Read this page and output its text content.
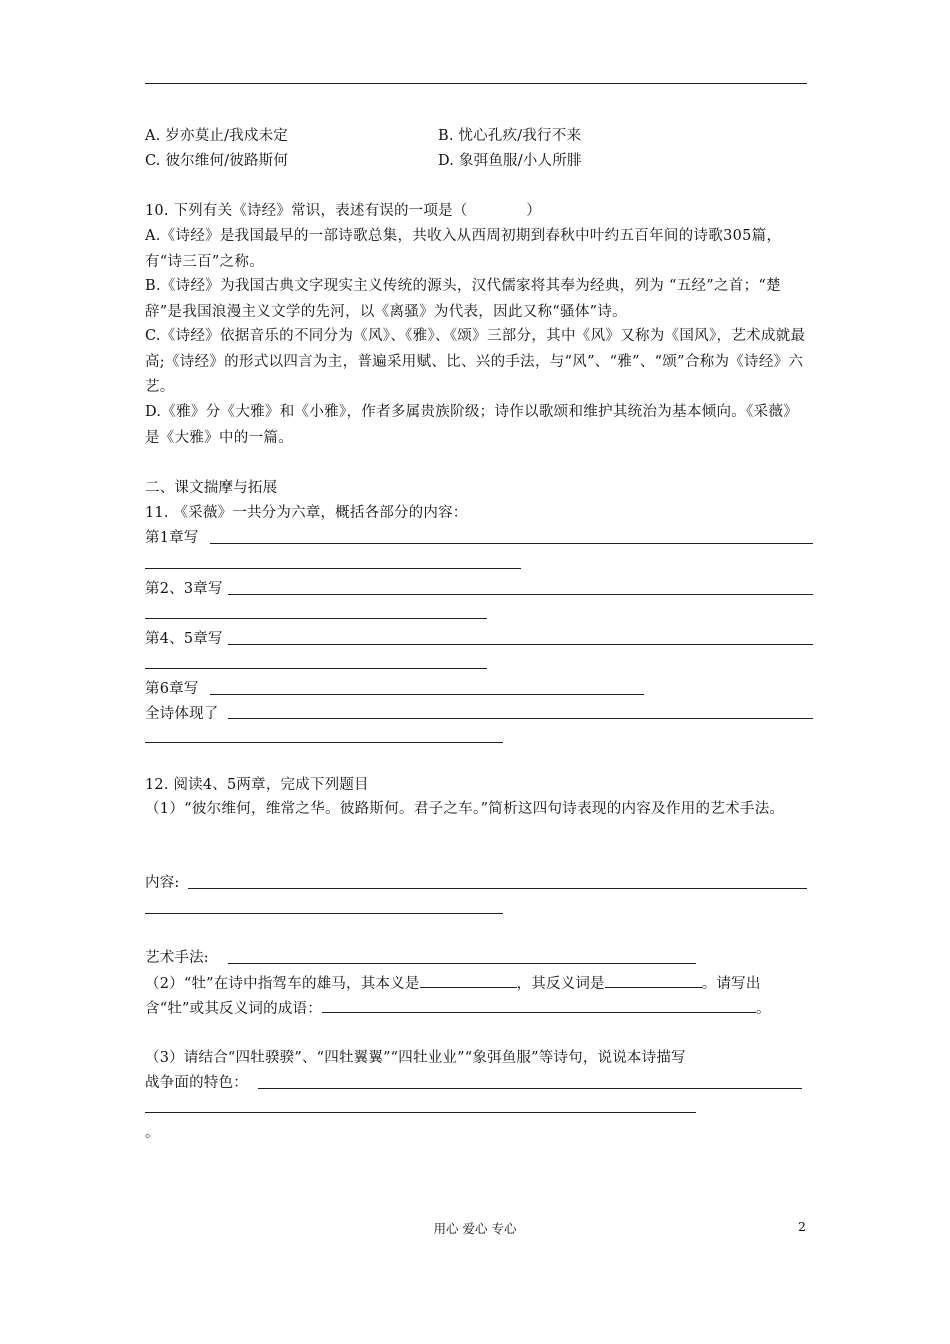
A. 岁亦莫止/我戍未定	B. 忧心孔疚/我行不来
C. 彼尔维何/彼路斯何	D. 象弭鱼服/小人所腓
10. 下列有关《诗经》常识，表述有误的一项是（　　　　）
A.《诗经》是我国最早的一部诗歌总集，共收入从西周初期到春秋中叶约五百年间的诗歌305篇，有“诗三百”之称。
B.《诗经》为我国古典文字现实主义传统的源头，汉代儒家将其奉为经典，列为 “五经”之首；“楚辞”是我国浪漫主义文学的先河，以《离骚》为代表，因此又称“骚体”诗。
C.《诗经》依据音乐的不同分为《风》、《雅》、《颂》三部分，其中《风》又称为《国风》，艺术成就最高;《诗经》的形式以四言为主，普遍采用赋、比、兴的手法，与“风”、“雅”、“颂”合称为《诗经》六艺。
D.《雅》分《大雅》和《小雅》，作者多属贵族阶级；诗作以歌颂和维护其统治为基本倾向。《采薇》是《大雅》中的一篇。
二、课文揣摩与拓展
11. 《采薇》一共分为六章，概括各部分的内容：
第1章写
第2、3章写
第4、5章写
第6章写
全诗体现了
12. 阅读4、5两章，完成下列题目
（1）“彼尔维何，维常之华。彼路斯何。君子之车。”简析这四句诗表现的内容及作用的艺术手法。
内容:
艺术手法:
（2）“牡”在诗中指驾车的雄马，其本义是	，其反义词是	。请写出
含“牡”或其反义词的成语：	。
（3）请结合“四牡骙骙”、“四牡翼翼”“四牡业业”“象弭鱼服”等诗句，说说本诗描写
战争面的特色：
。
用心 爱心 专心	2
